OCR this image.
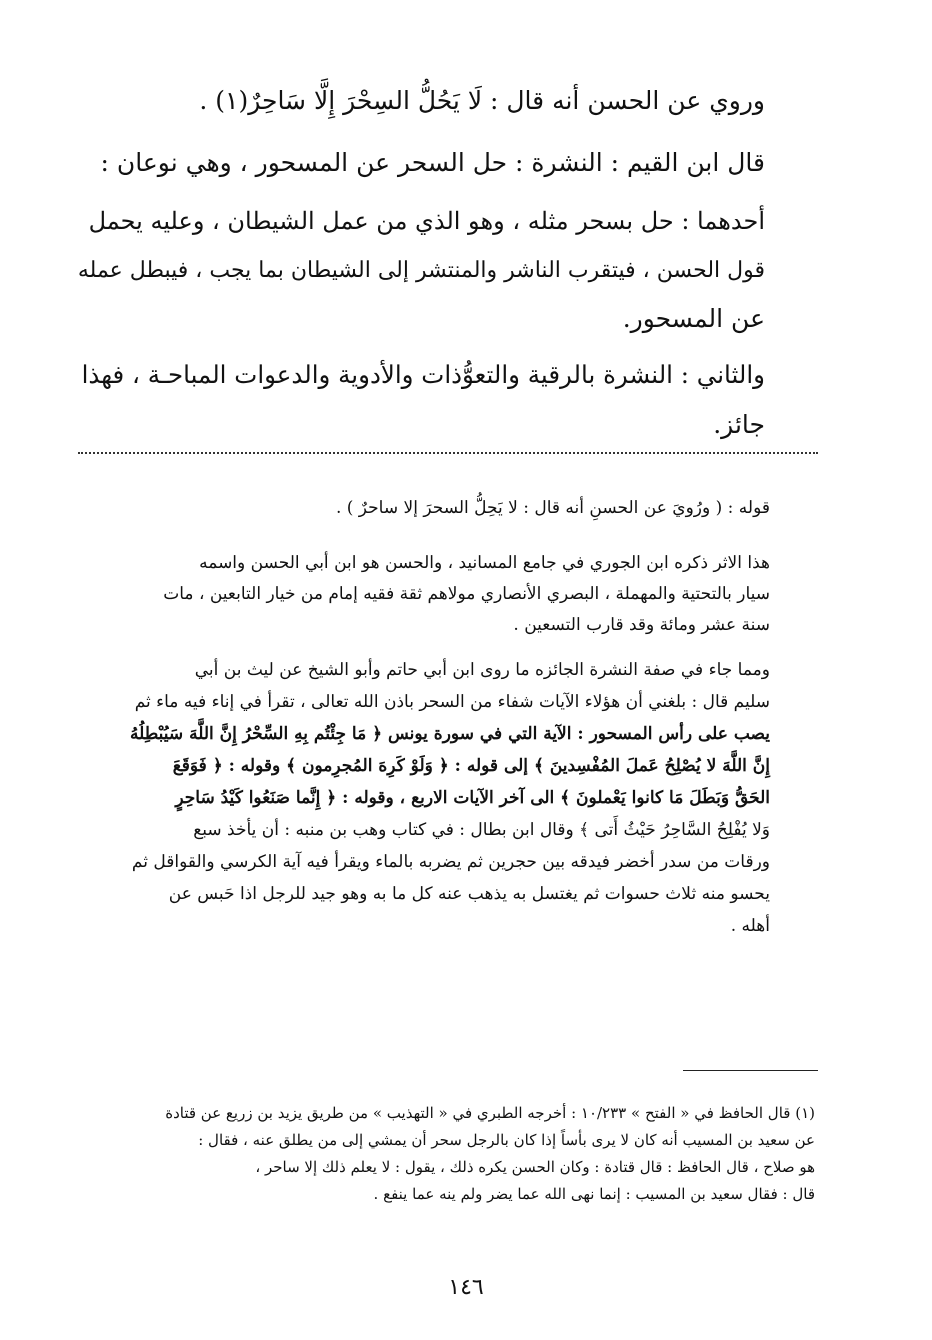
وروي عن الحسن أنه قال : لَا يَحُلُّ السِحْرَ إِلَّا سَاحِرٌ(١) .
قال ابن القيم : النشرة : حل السحر عن المسحور ، وهي نوعان :
أحدهما : حل بسحر مثله ، وهو الذي من عمل الشيطان ، وعليه يحمل
قول الحسن ، فيتقرب الناشر والمنتشر إلى الشيطان بما يجب ، فيبطل عمله
عن المسحور.
والثاني : النشرة بالرقية والتعوُّذات والأدوية والدعوات المباحـة ، فهذا
جائز.
قوله : ( ورُويَ عن الحسنِ أنه قال : لا يَحِلُّ السحرَ إلا ساحرٌ ) .
هذا الاثر ذكره ابن الجوري في جامع المسانيد ، والحسن هو ابن أبي الحسن واسمه
سيار بالتحتية والمهملة ، البصري الأنصاري مولاهم ثقة فقيه إمام من خيار التابعين ، مات
سنة عشر ومائة وقد قارب التسعين .
ومما جاء في صفة النشرة الجائزه ما روى ابن أبي حاتم وأبو الشيخ عن ليث بن أبي
سليم قال : بلغني أن هؤلاء الآيات شفاء من السحر باذن الله تعالى ، تقرأ في إناء فيه ماء ثم
يصب على رأس المسحور : الآية التي في سورة يونس ﴿ مَا جِئْتُم بِهِ السِّحْرُ إِنَّ اللَّهَ سَيُبْطِلُهُ
إِنَّ اللَّهَ لا يُصْلِحُ عَملَ المُفْسِدينَ ﴾ إلى قوله : ﴿ وَلَوْ كَرِهَ المُجرِمون ﴾ وقوله : ﴿ فَوَقَعَ
الحَقُّ وَبَطَلَ مَا كانوا يَعْملونَ ﴾ الى آخر الآيات الاربع ، وقوله : ﴿ إِنَّما صَنَعُوا كَيْدُ سَاحِرٍ
وَلا يُفْلِحُ السَّاحِرُ حَيْثُ أَتى ﴾ وقال ابن بطال : في كتاب وهب بن منبه : أن يأخذ سبع
ورقات من سدر أخضر فيدقه بين حجرين ثم يضربه بالماء ويقرأ فيه آية الكرسي والقواقل ثم
يحسو منه ثلاث حسوات ثم يغتسل به يذهب عنه كل ما به وهو جيد للرجل اذا حَبس عن
أهله .
(١) قال الحافظ في « الفتح » ١٠/٢٣٣ : أخرجه الطبري في « التهذيب » من طريق يزيد بن زريع عن قتادة
عن سعيد بن المسيب أنه كان لا يرى بأساً إذا كان بالرجل سحر أن يمشي إلى من يطلق عنه ، فقال :
هو صلاح ، قال الحافظ : قال قتادة : وكان الحسن يكره ذلك ، يقول : لا يعلم ذلك إلا ساحر ،
قال : فقال سعيد بن المسيب : إنما نهى الله عما يضر ولم ينه عما ينفع .
١٤٦
